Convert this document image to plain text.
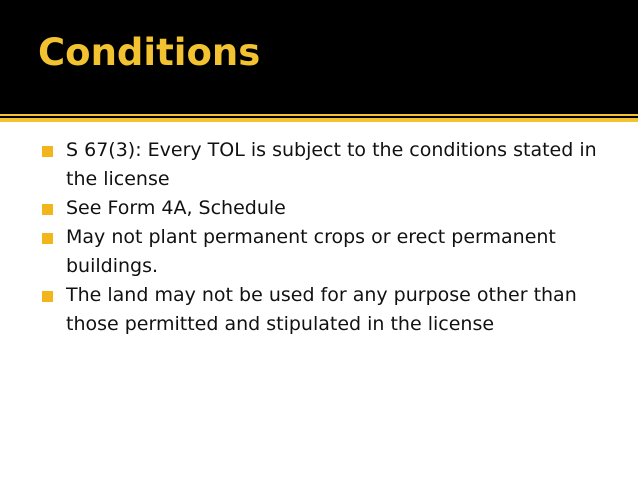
Conditions
S 67(3): Every TOL is subject to the conditions stated in the license
See Form 4A, Schedule
May not plant permanent crops or erect permanent buildings.
The land may not be used for any purpose other than those permitted and stipulated in the license
